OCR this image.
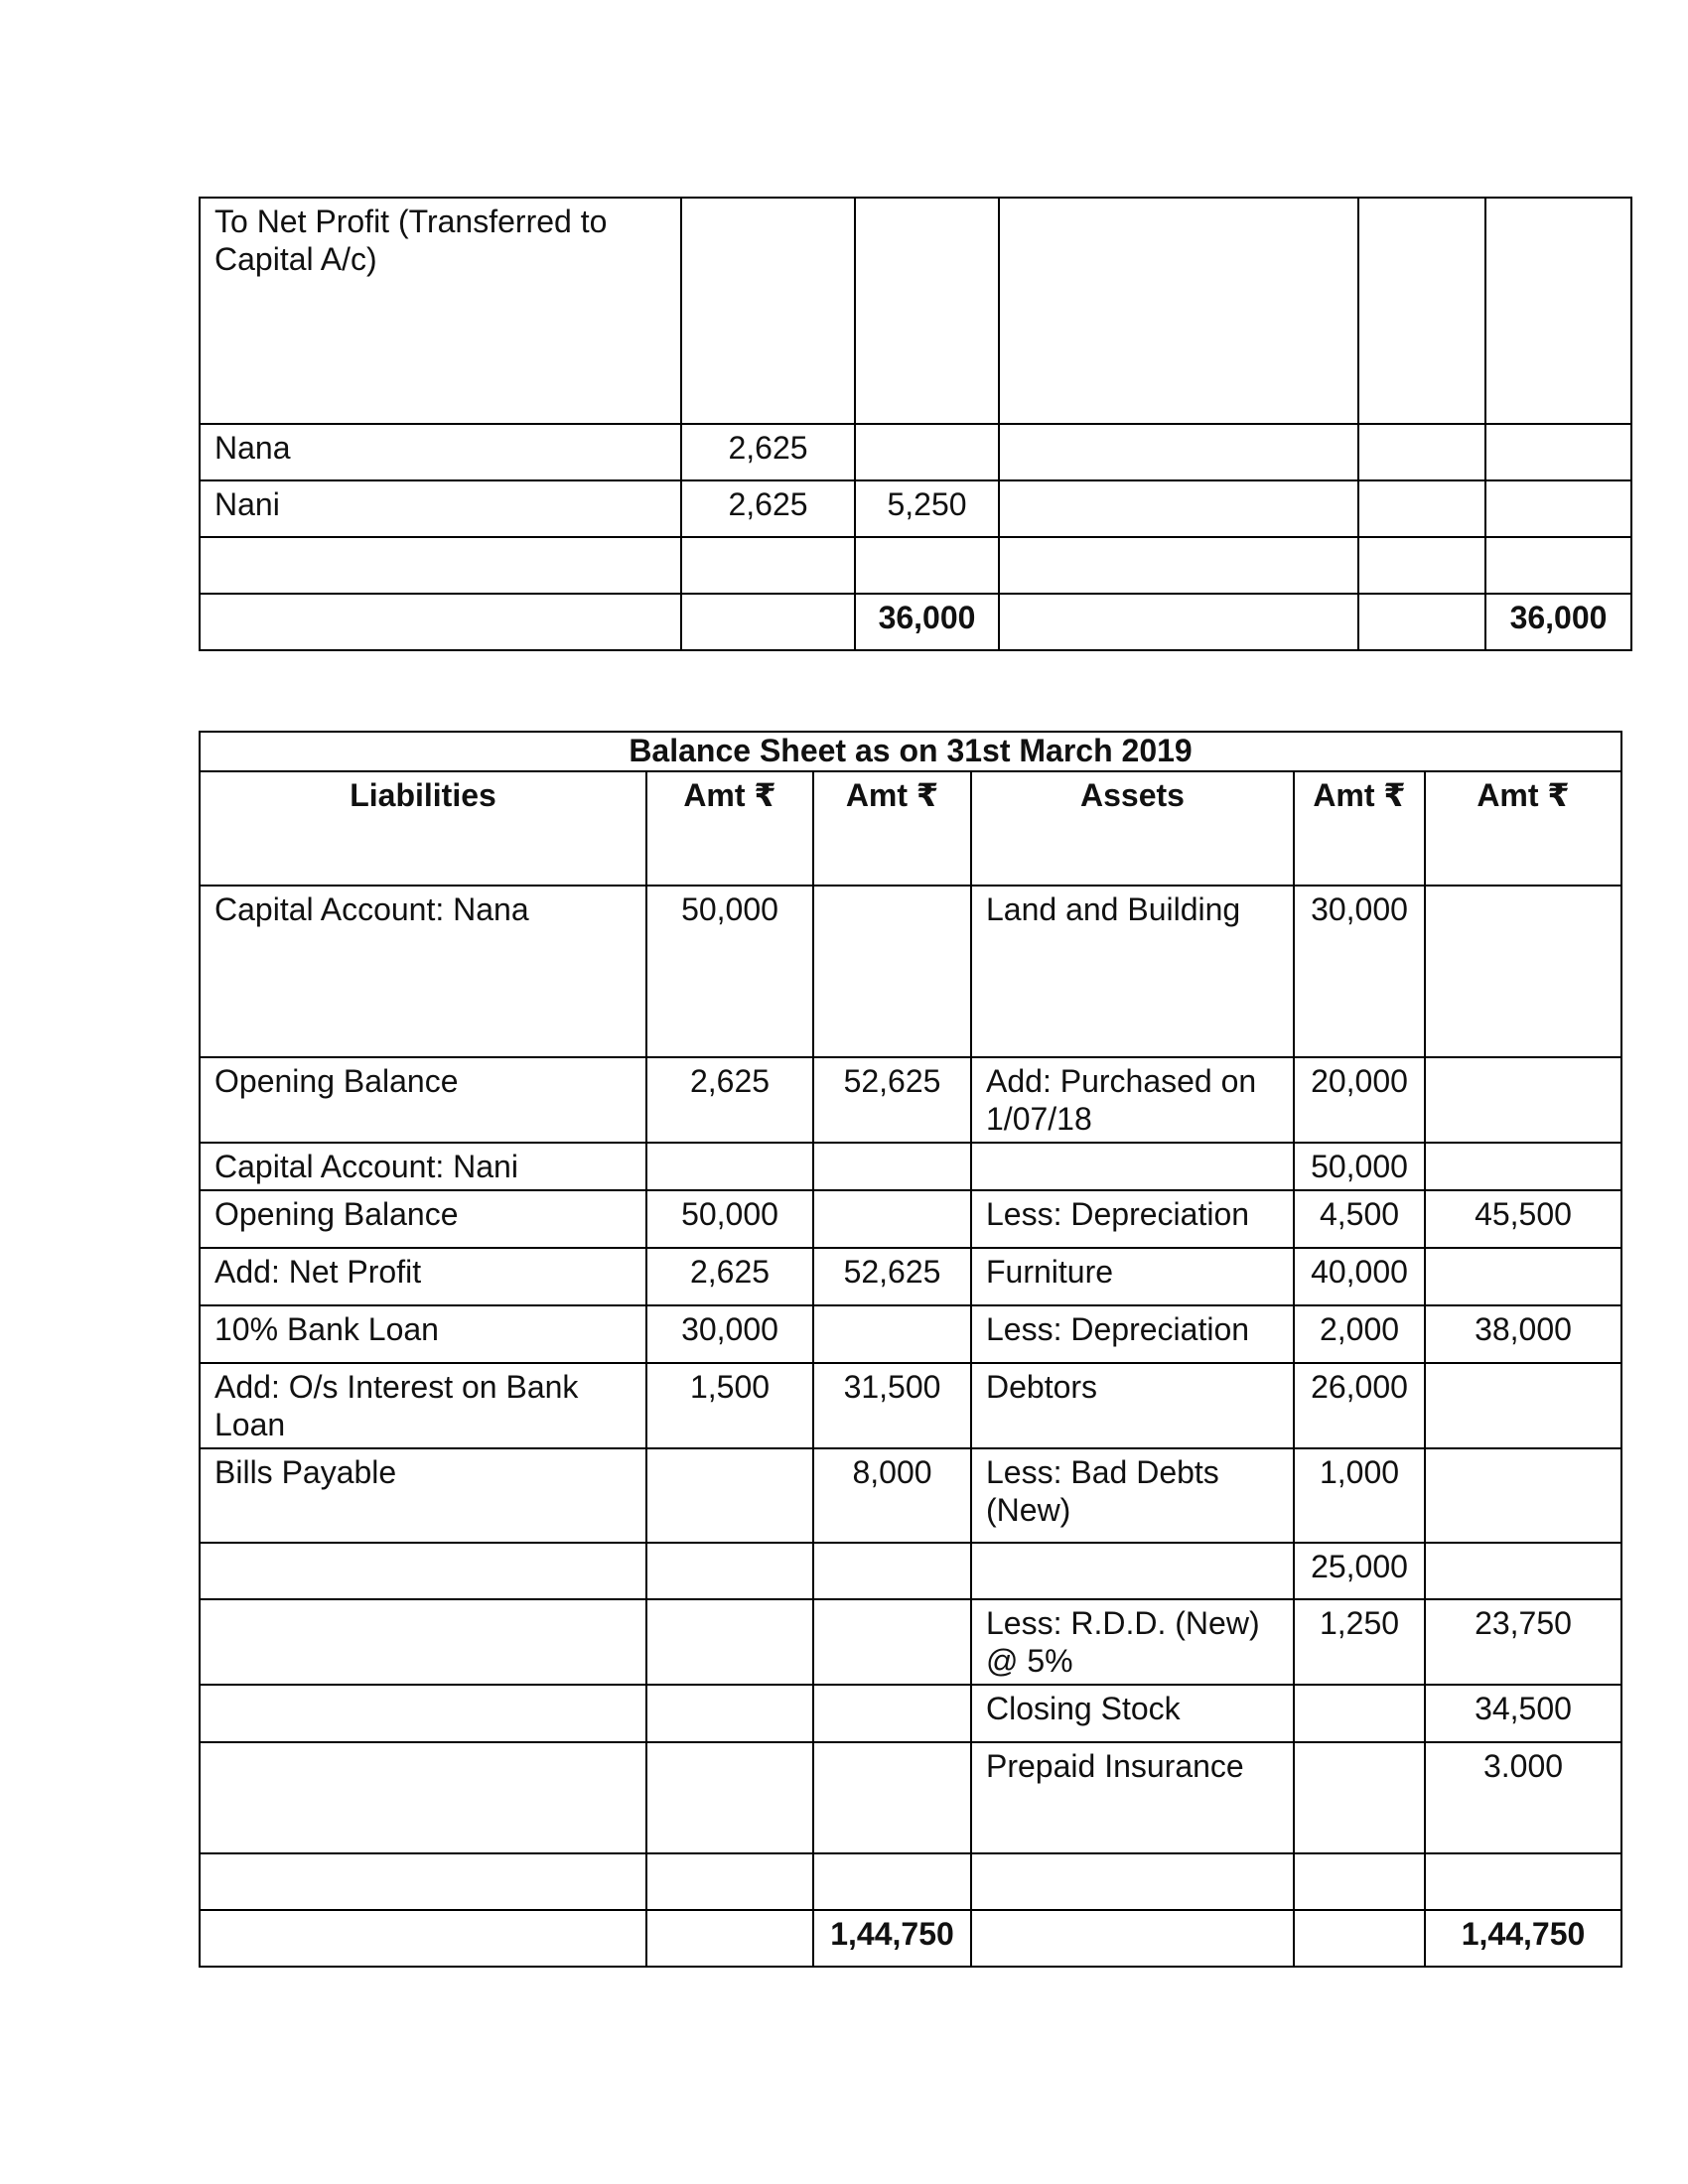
To Net Profit (Transferred to Capital A/c)					
Nana	2,625				
Nani	2,625	5,250			

		36,000			36,000
Balance Sheet as on 31st March 2019					
Liabilities	Amt ₹	Amt ₹	Assets	Amt ₹	Amt ₹
Capital Account: Nana	50,000		Land and Building	30,000	
Opening Balance	2,625	52,625	Add: Purchased on 1/07/18	20,000	
Capital Account: Nani				50,000	
Opening Balance	50,000		Less: Depreciation	4,500	45,500
Add: Net Profit	2,625	52,625	Furniture	40,000	
10% Bank Loan	30,000		Less: Depreciation	2,000	38,000
Add: O/s Interest on Bank Loan	1,500	31,500	Debtors	26,000	
Bills Payable		8,000	Less: Bad Debts (New)	1,000	
				25,000	
			Less: R.D.D. (New) @ 5%	1,250	23,750
			Closing Stock		34,500
			Prepaid Insurance		3.000

		1,44,750			1,44,750
